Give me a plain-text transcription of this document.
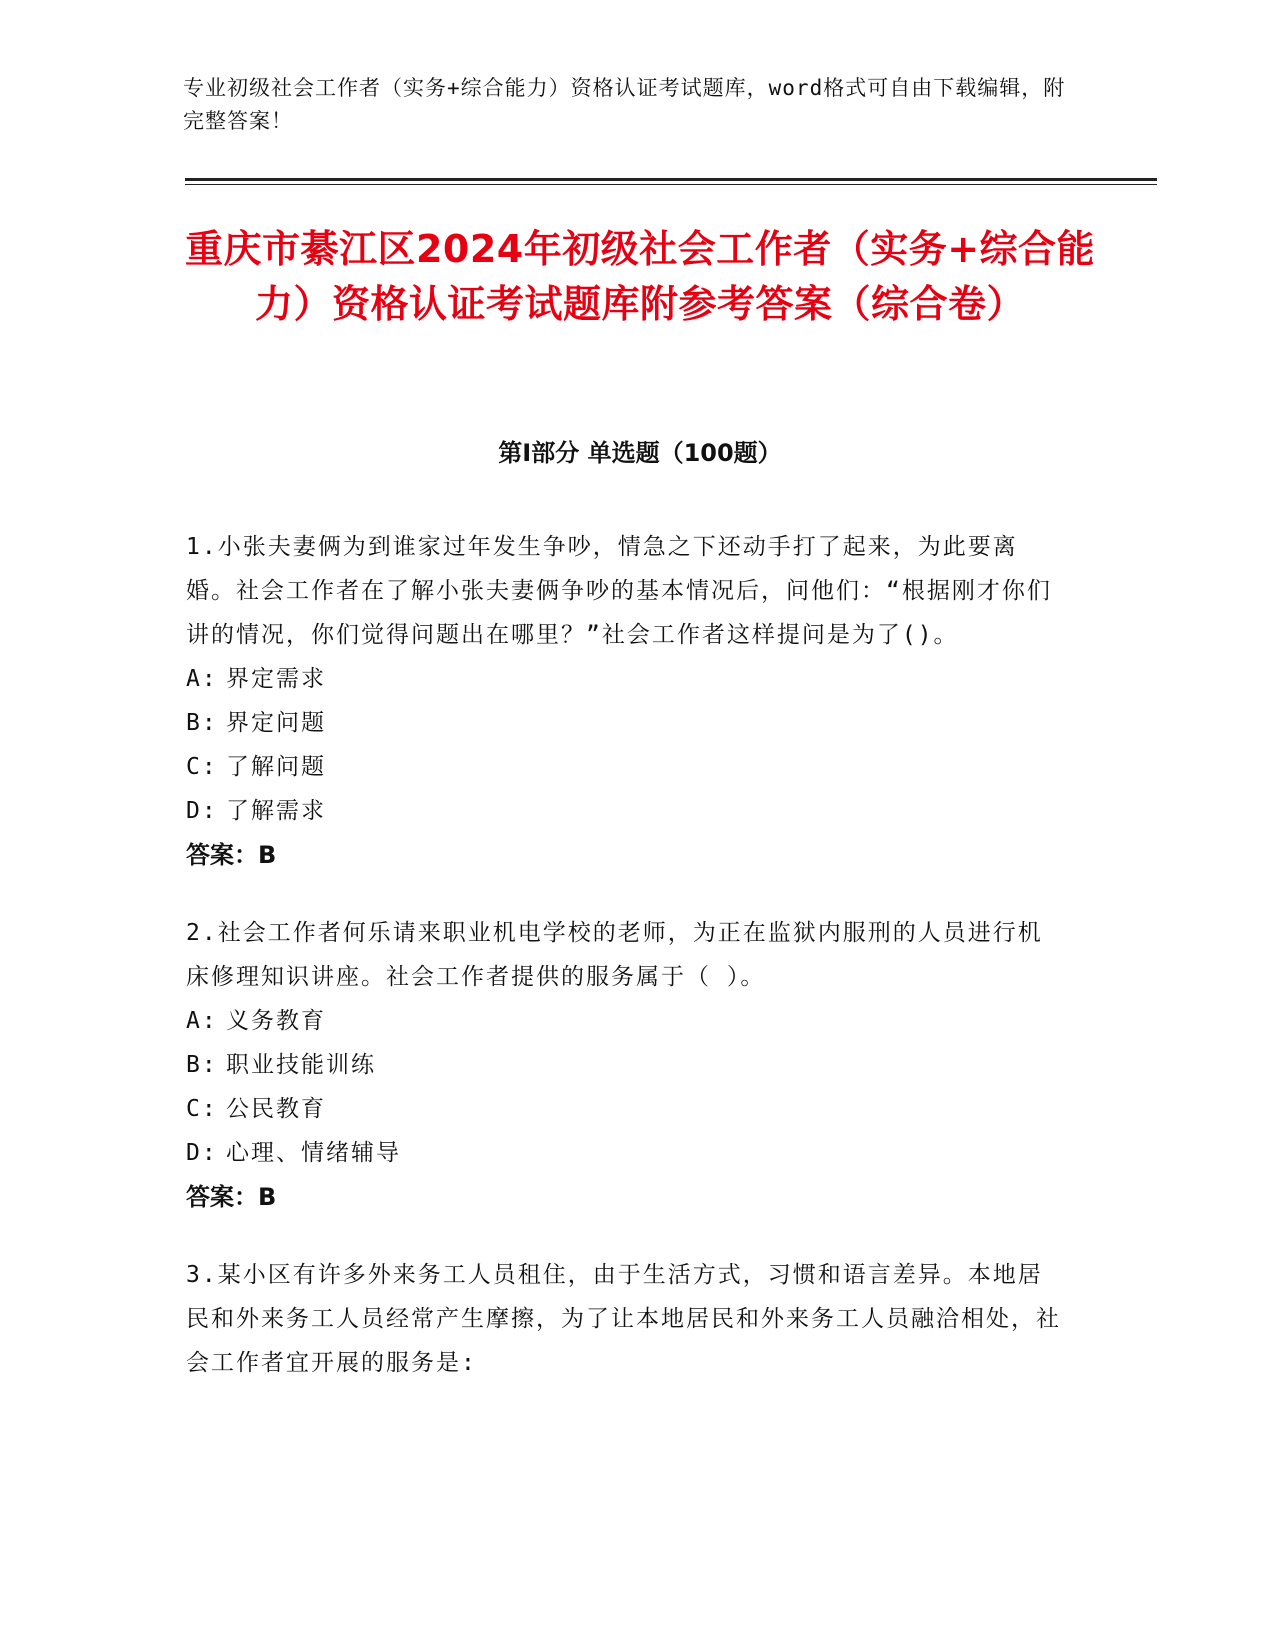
专业初级社会工作者（实务+综合能力）资格认证考试题库，word格式可自由下载编辑，附完整答案！
重庆市綦江区2024年初级社会工作者（实务+综合能力）资格认证考试题库附参考答案（综合卷）
第I部分 单选题（100题）
1.小张夫妻俩为到谁家过年发生争吵，情急之下还动手打了起来，为此要离婚。社会工作者在了解小张夫妻俩争吵的基本情况后，问他们：“根据刚才你们讲的情况，你们觉得问题出在哪里？”社会工作者这样提问是为了()。
A: 界定需求
B: 界定问题
C: 了解问题
D: 了解需求
答案：B
2.社会工作者何乐请来职业机电学校的老师，为正在监狱内服刑的人员进行机床修理知识讲座。社会工作者提供的服务属于（ ）。
A: 义务教育
B: 职业技能训练
C: 公民教育
D: 心理、情绪辅导
答案：B
3.某小区有许多外来务工人员租住，由于生活方式，习惯和语言差异。本地居民和外来务工人员经常产生摩擦，为了让本地居民和外来务工人员融洽相处，社会工作者宜开展的服务是:
